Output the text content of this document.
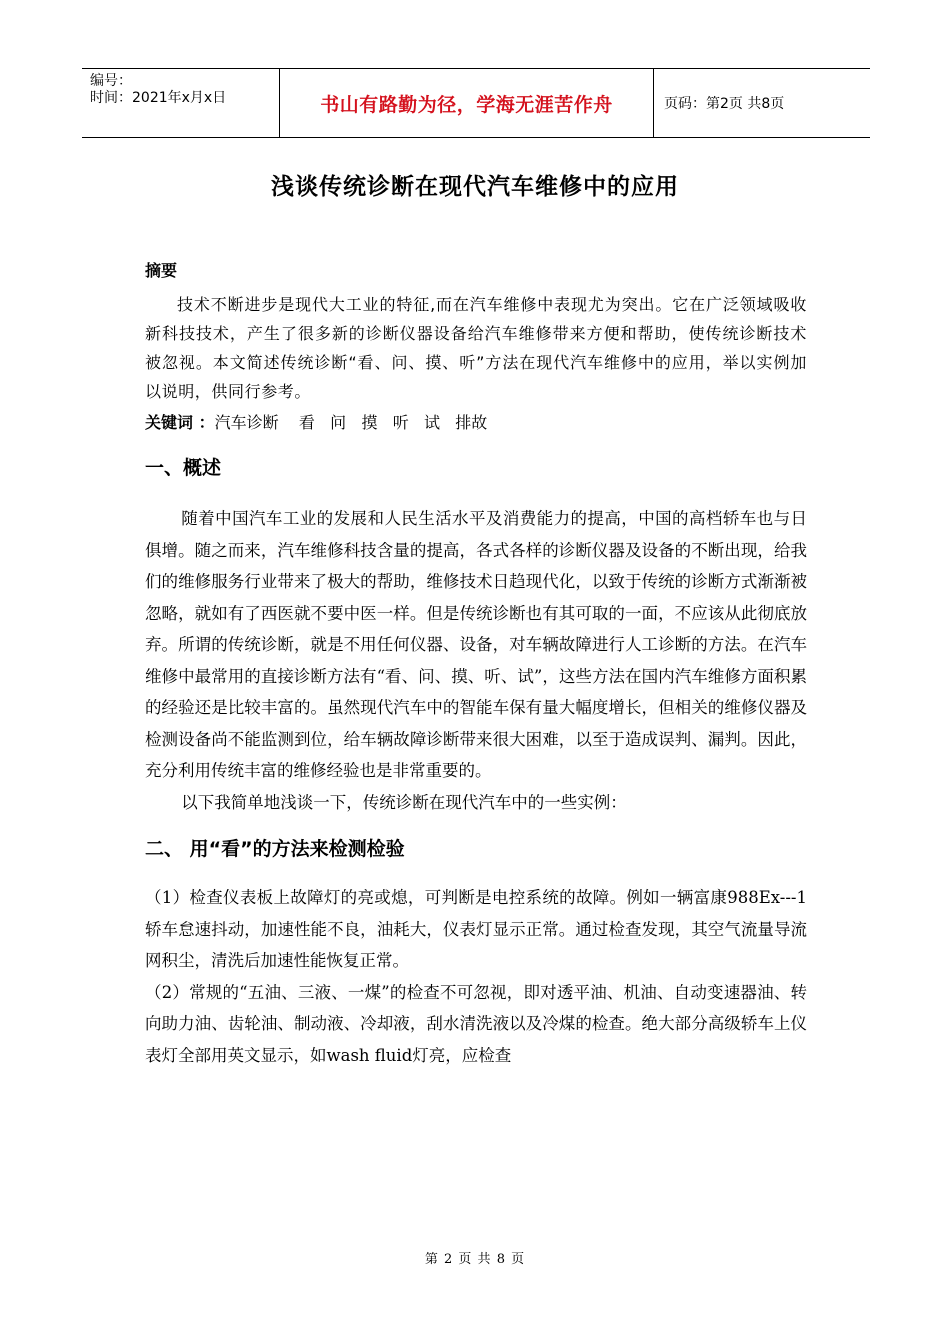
编号：
时间：2021年x月x日	书山有路勤为径，学海无涯苦作舟	页码：第2页 共8页
浅谈传统诊断在现代汽车维修中的应用

摘要

技术不断进步是现代大工业的特征,而在汽车维修中表现尤为突出。它在广泛领域吸收新科技技术，产生了很多新的诊断仪器设备给汽车维修带来方便和帮助，使传统诊断技术被忽视。本文简述传统诊断“看、问、摸、听”方法在现代汽车维修中的应用，举以实例加以说明，供同行参考。

关键词 ：汽车诊断    看   问   摸   听   试   排故

一、概述

随着中国汽车工业的发展和人民生活水平及消费能力的提高，中国的高档轿车也与日俱增。随之而来，汽车维修科技含量的提高，各式各样的诊断仪器及设备的不断出现，给我们的维修服务行业带来了极大的帮助，维修技术日趋现代化，以致于传统的诊断方式渐渐被忽略，就如有了西医就不要中医一样。但是传统诊断也有其可取的一面，不应该从此彻底放弃。所谓的传统诊断，就是不用任何仪器、设备，对车辆故障进行人工诊断的方法。在汽车维修中最常用的直接诊断方法有“看、问、摸、听、试”，这些方法在国内汽车维修方面积累的经验还是比较丰富的。虽然现代汽车中的智能车保有量大幅度增长，但相关的维修仪器及检测设备尚不能监测到位，给车辆故障诊断带来很大困难，以至于造成误判、漏判。因此，充分利用传统丰富的维修经验也是非常重要的。

以下我简单地浅谈一下，传统诊断在现代汽车中的一些实例：

二、 用“看”的方法来检测检验

（1）检查仪表板上故障灯的亮或熄，可判断是电控系统的故障。例如一辆富康988Ex---1轿车怠速抖动，加速性能不良，油耗大，仪表灯显示正常。通过检查发现，其空气流量导流网积尘，清洗后加速性能恢复正常。

（2）常规的“五油、三液、一煤”的检查不可忽视，即对透平油、机油、自动变速器油、转向助力油、齿轮油、制动液、冷却液，刮水清洗液以及冷煤的检查。绝大部分高级轿车上仪表灯全部用英文显示，如wash fluid灯亮，应检查

第 2 页 共 8 页
